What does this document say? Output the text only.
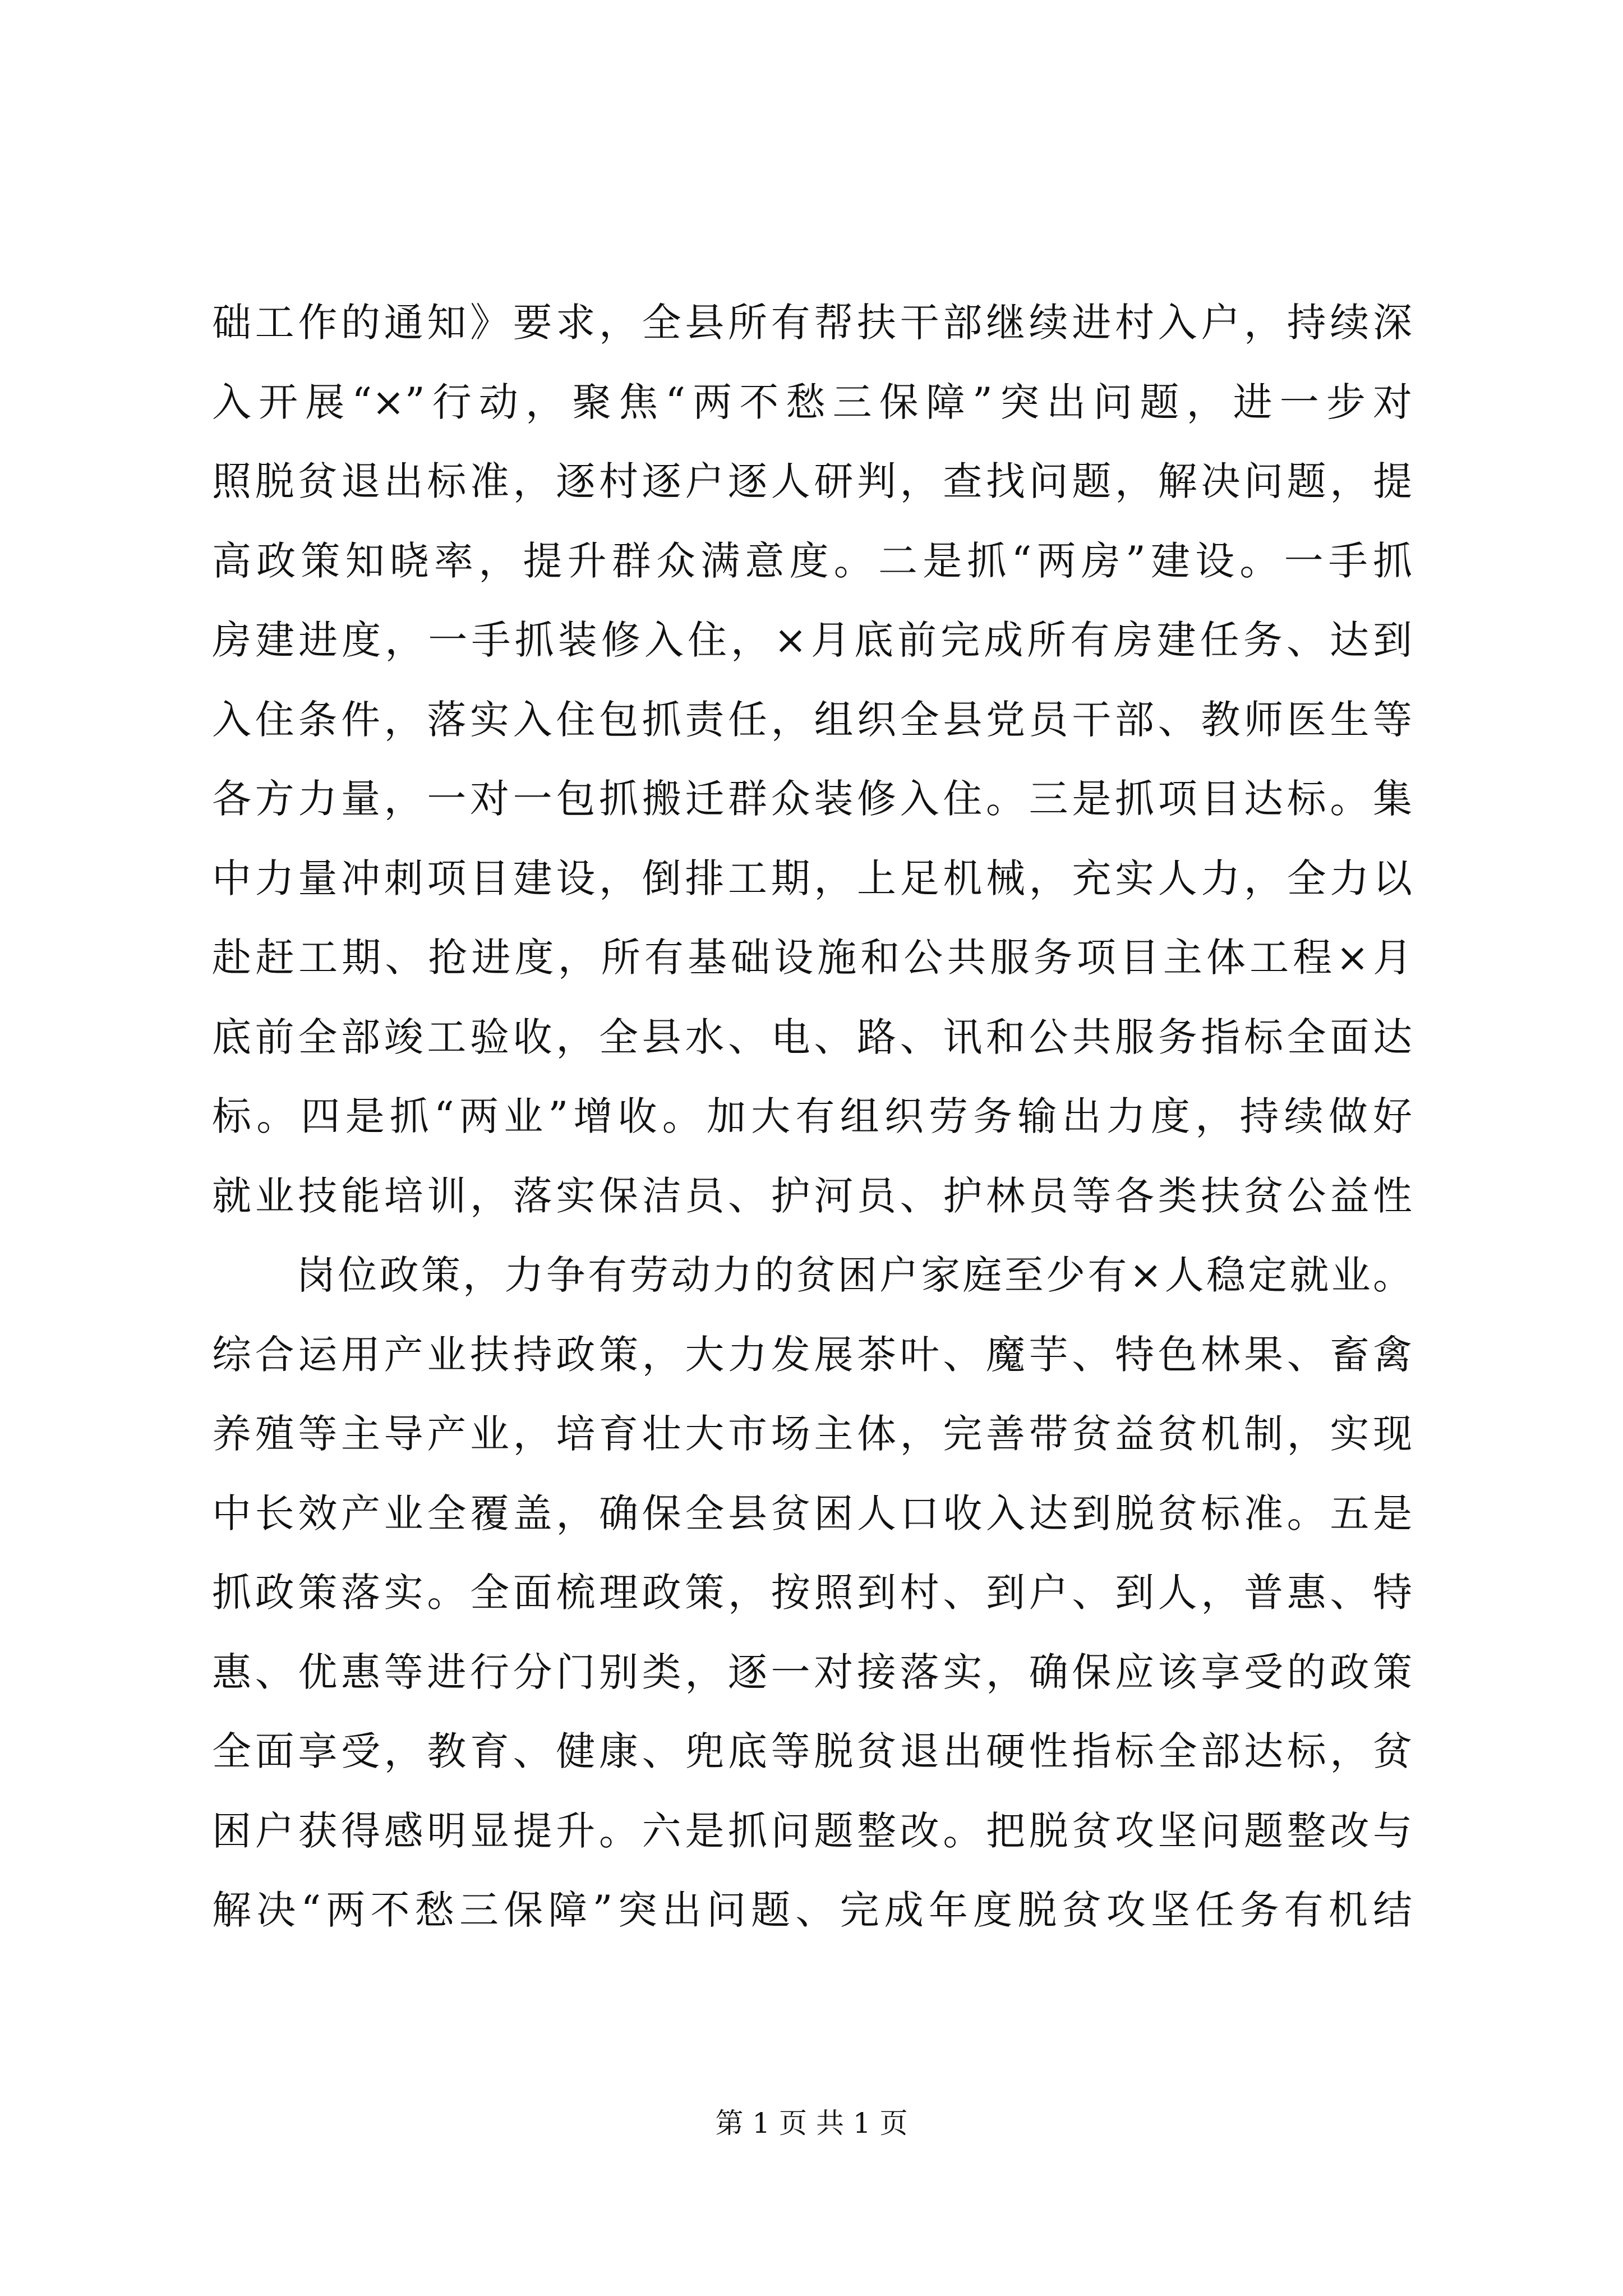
础工作的通知》要求，全县所有帮扶干部继续进村入户，持续深
入开展“×”行动，聚焦“两不愁三保障”突出问题，进一步对
照脱贫退出标准，逐村逐户逐人研判，查找问题，解决问题，提
高政策知晓率，提升群众满意度。二是抓“两房”建设。一手抓
房建进度，一手抓装修入住，×月底前完成所有房建任务、达到
入住条件，落实入住包抓责任，组织全县党员干部、教师医生等
各方力量，一对一包抓搬迁群众装修入住。三是抓项目达标。集
中力量冲刺项目建设，倒排工期，上足机械，充实人力，全力以
赴赶工期、抢进度，所有基础设施和公共服务项目主体工程×月
底前全部竣工验收，全县水、电、路、讯和公共服务指标全面达
标。四是抓“两业”增收。加大有组织劳务输出力度，持续做好
就业技能培训，落实保洁员、护河员、护林员等各类扶贫公益性
岗位政策，力争有劳动力的贫困户家庭至少有×人稳定就业。
综合运用产业扶持政策，大力发展茶叶、魔芋、特色林果、畜禽
养殖等主导产业，培育壮大市场主体，完善带贫益贫机制，实现
中长效产业全覆盖，确保全县贫困人口收入达到脱贫标准。五是
抓政策落实。全面梳理政策，按照到村、到户、到人，普惠、特
惠、优惠等进行分门别类，逐一对接落实，确保应该享受的政策
全面享受，教育、健康、兜底等脱贫退出硬性指标全部达标，贫
困户获得感明显提升。六是抓问题整改。把脱贫攻坚问题整改与
解决“两不愁三保障”突出问题、完成年度脱贫攻坚任务有机结
第 1 页 共 1 页
